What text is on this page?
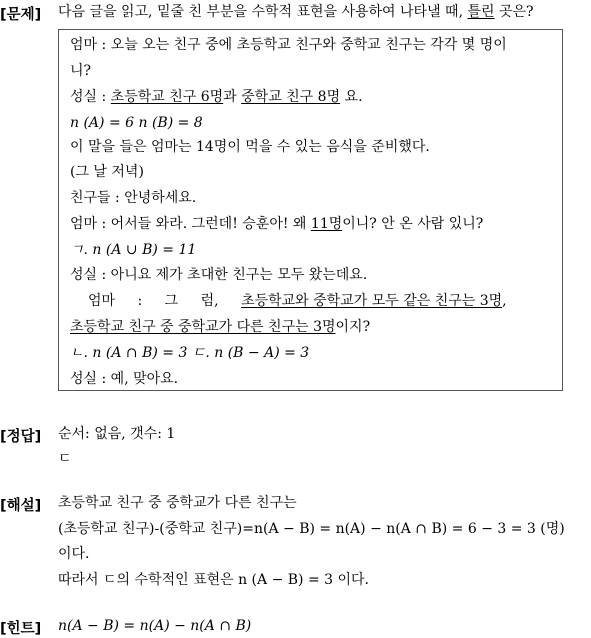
[문제] 다음 글을 읽고, 밑줄 친 부분을 수학적 표현을 사용하여 나타낼 때, 틀린 곳은?
엄마 : 오늘 오는 친구 중에 초등학교 친구와 중학교 친구는 각각 몇 명이
니?
성실 : 초등학교 친구 6명과 중학교 친구 8명 요.
n (A) = 6 n (B) = 8
이 말을 들은 엄마는 14명이 먹을 수 있는 음식을 준비했다.
(그 날 저녁)
친구들 : 안녕하세요.
엄마 : 어서들 와라. 그런데! 승훈아! 왜 11명이니? 안 온 사람 있니?
ㄱ. n (A ∪ B) = 11
성실 : 아니요 제가 초대한 친구는 모두 왔는데요.
엄마 : 그 럼, 초등학교와 중학교가 모두 같은 친구는 3명,
초등학교 친구 중 중학교가 다른 친구는 3명이지?
ㄴ. n (A ∩ B) = 3 ㄷ. n (B − A) = 3
성실 : 예, 맞아요.
[정답] 순서: 없음, 갯수: 1
ㄷ
[해설] 초등학교 친구 중 중학교가 다른 친구는
(초등학교 친구)-(중학교 친구)=n(A − B) = n(A) − n(A ∩ B) = 6 − 3 = 3 (명)
이다.
따라서 ㄷ의 수학적인 표현은 n (A − B) = 3 이다.
[힌트] n(A − B) = n(A) − n(A ∩ B)
